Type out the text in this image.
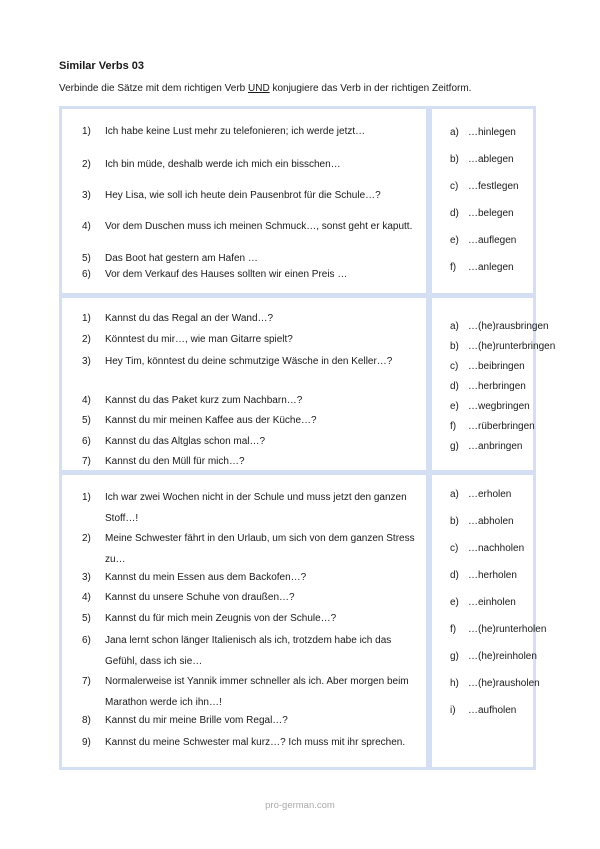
Similar Verbs 03
Verbinde die Sätze mit dem richtigen Verb UND konjugiere das Verb in der richtigen Zeitform.
1)	Ich habe keine Lust mehr zu telefonieren; ich werde jetzt…
2)	Ich bin müde, deshalb werde ich mich ein bisschen…
3)	Hey Lisa, wie soll ich heute dein Pausenbrot für die Schule…?
4)	Vor dem Duschen muss ich meinen Schmuck…, sonst geht er kaputt.
5)	Das Boot hat gestern am Hafen …
6)	Vor dem Verkauf des Hauses sollten wir einen Preis …
a) …hinlegen
b) …ablegen
c) …festlegen
d) …belegen
e) …auflegen
f) …anlegen
1)	Kannst du das Regal an der Wand…?
2)	Könntest du mir…, wie man Gitarre spielt?
3)	Hey Tim, könntest du deine schmutzige Wäsche in den Keller…?
4)	Kannst du das Paket kurz zum Nachbarn…?
5)	Kannst du mir meinen Kaffee aus der Küche…?
6)	Kannst du das Altglas schon mal…?
7)	Kannst du den Müll für mich…?
a) …(he)rausbringen
b) …(he)runterbringen
c) …beibringen
d) …herbringen
e) …wegbringen
f) …rüberbringen
g) …anbringen
1)	Ich war zwei Wochen nicht in der Schule und muss jetzt den ganzen Stoff…!
2)	Meine Schwester fährt in den Urlaub, um sich von dem ganzen Stress zu…
3)	Kannst du mein Essen aus dem Backofen…?
4)	Kannst du unsere Schuhe von draußen…?
5)	Kannst du für mich mein Zeugnis von der Schule…?
6)	Jana lernt schon länger Italienisch als ich, trotzdem habe ich das Gefühl, dass ich sie…
7)	Normalerweise ist Yannik immer schneller als ich. Aber morgen beim Marathon werde ich ihn…!
8)	Kannst du mir meine Brille vom Regal…?
9)	Kannst du meine Schwester mal kurz…? Ich muss mit ihr sprechen.
a) …erholen
b) …abholen
c) …nachholen
d) …herholen
e) …einholen
f) …(he)runterholen
g) …(he)reinholen
h) …(he)rausholen
i) …aufholen
pro-german.com
